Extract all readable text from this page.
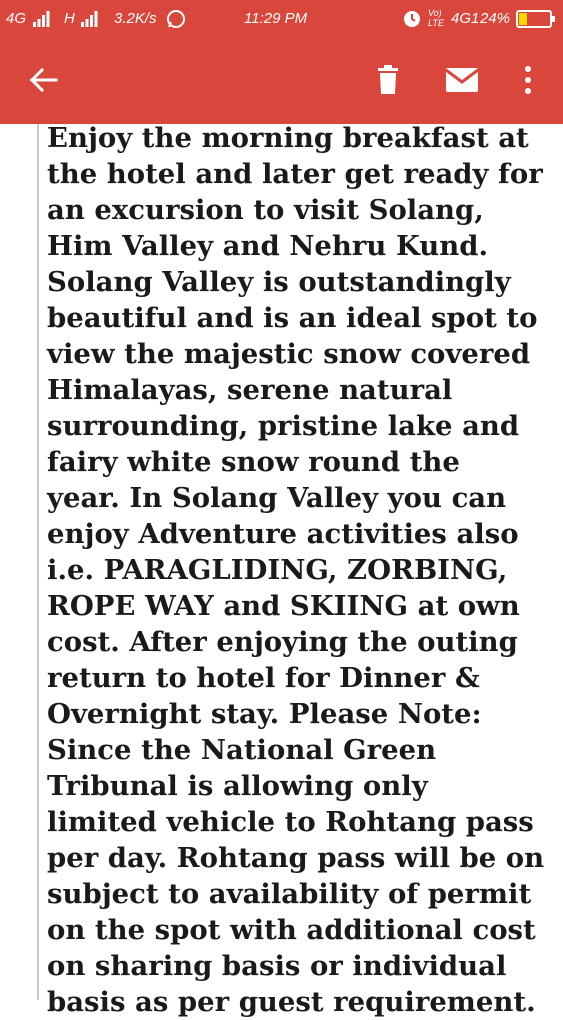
4G	H	3.2K/s	11:29 PM	Vo) LTE 4G1 24%
Enjoy the morning breakfast at
the hotel and later get ready for
an excursion to visit Solang,
Him Valley and Nehru Kund.
Solang Valley is outstandingly
beautiful and is an ideal spot to
view the majestic snow covered
Himalayas, serene natural
surrounding, pristine lake and
fairy white snow round the
year. In Solang Valley you can
enjoy Adventure activities also
i.e. PARAGLIDING, ZORBING,
ROPE WAY and SKIING at own
cost. After enjoying the outing
return to hotel for Dinner &
Overnight stay. Please Note:
Since the National Green
Tribunal is allowing only
limited vehicle to Rohtang pass
per day. Rohtang pass will be on
subject to availability of permit
on the spot with additional cost
on sharing basis or individual
basis as per guest requirement.
